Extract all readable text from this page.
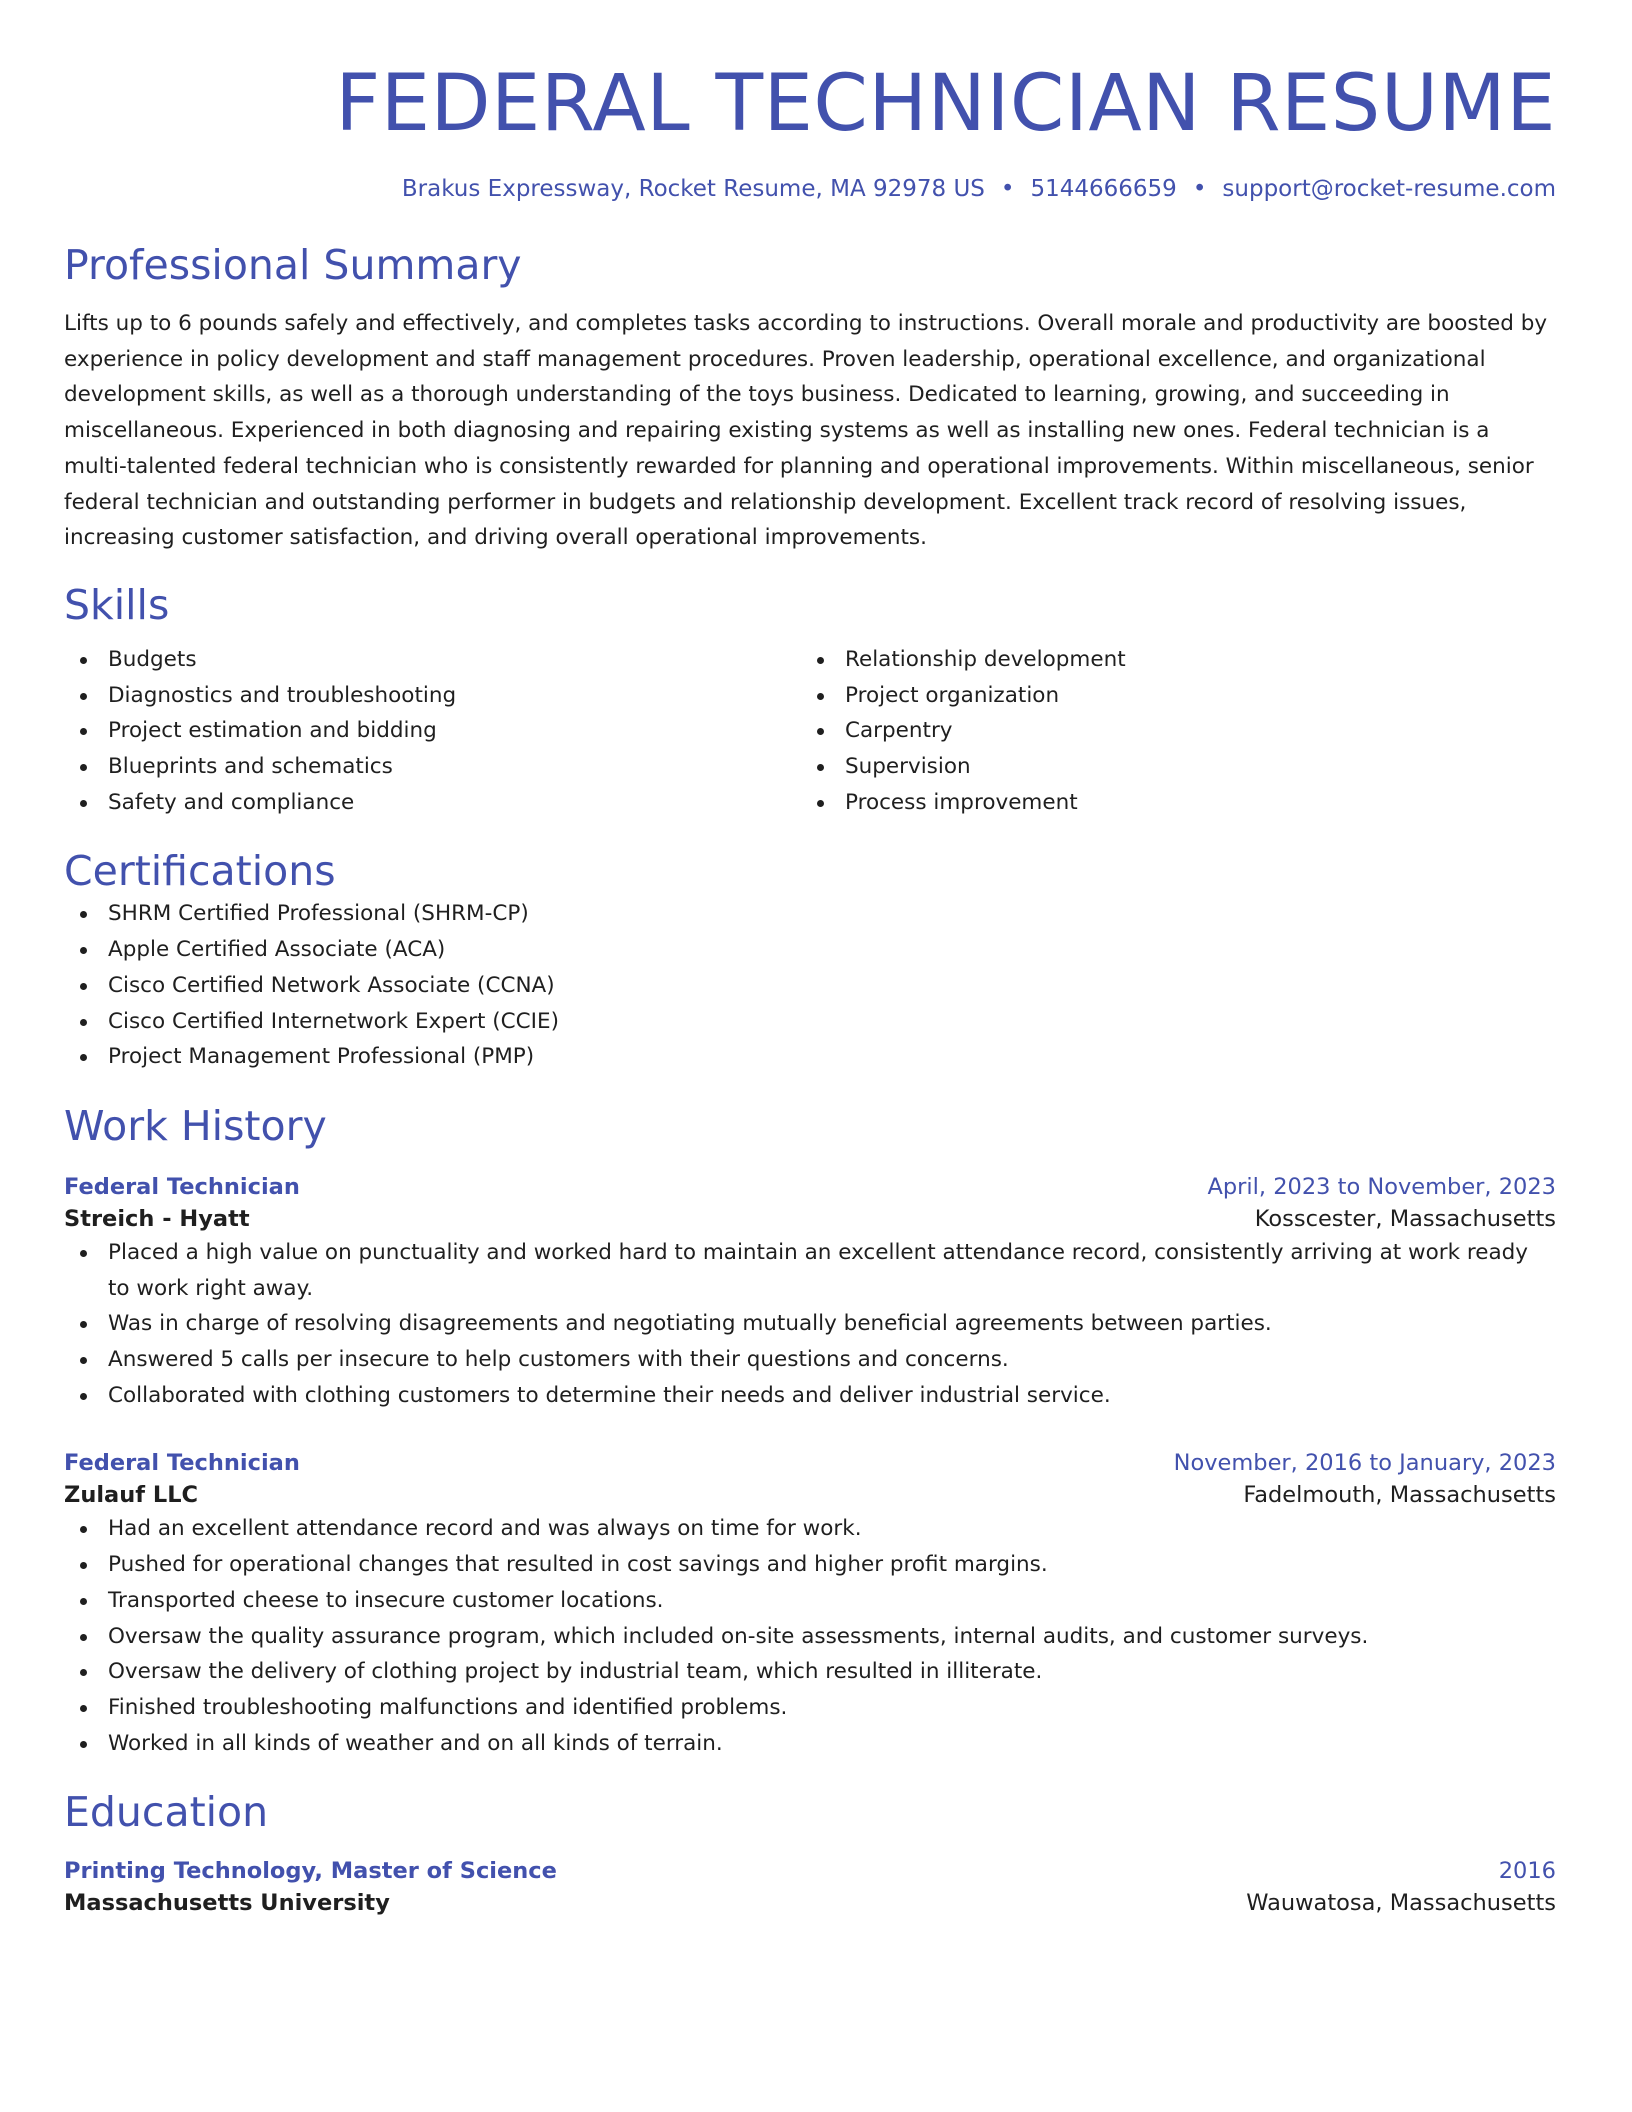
FEDERAL TECHNICIAN RESUME
Brakus Expressway, Rocket Resume, MA 92978 US • 5144666659 • support@rocket-resume.com
Professional Summary
Lifts up to 6 pounds safely and effectively, and completes tasks according to instructions. Overall morale and productivity are boosted by experience in policy development and staff management procedures. Proven leadership, operational excellence, and organizational development skills, as well as a thorough understanding of the toys business. Dedicated to learning, growing, and succeeding in miscellaneous. Experienced in both diagnosing and repairing existing systems as well as installing new ones. Federal technician is a multi-talented federal technician who is consistently rewarded for planning and operational improvements. Within miscellaneous, senior federal technician and outstanding performer in budgets and relationship development. Excellent track record of resolving issues, increasing customer satisfaction, and driving overall operational improvements.
Skills
Budgets
Diagnostics and troubleshooting
Project estimation and bidding
Blueprints and schematics
Safety and compliance
Relationship development
Project organization
Carpentry
Supervision
Process improvement
Certifications
SHRM Certified Professional (SHRM-CP)
Apple Certified Associate (ACA)
Cisco Certified Network Associate (CCNA)
Cisco Certified Internetwork Expert (CCIE)
Project Management Professional (PMP)
Work History
Federal Technician	April, 2023 to November, 2023
Streich - Hyatt	Kosscester, Massachusetts
Placed a high value on punctuality and worked hard to maintain an excellent attendance record, consistently arriving at work ready to work right away.
Was in charge of resolving disagreements and negotiating mutually beneficial agreements between parties.
Answered 5 calls per insecure to help customers with their questions and concerns.
Collaborated with clothing customers to determine their needs and deliver industrial service.
Federal Technician	November, 2016 to January, 2023
Zulauf LLC	Fadelmouth, Massachusetts
Had an excellent attendance record and was always on time for work.
Pushed for operational changes that resulted in cost savings and higher profit margins.
Transported cheese to insecure customer locations.
Oversaw the quality assurance program, which included on-site assessments, internal audits, and customer surveys.
Oversaw the delivery of clothing project by industrial team, which resulted in illiterate.
Finished troubleshooting malfunctions and identified problems.
Worked in all kinds of weather and on all kinds of terrain.
Education
Printing Technology, Master of Science	2016
Massachusetts University	Wauwatosa, Massachusetts
